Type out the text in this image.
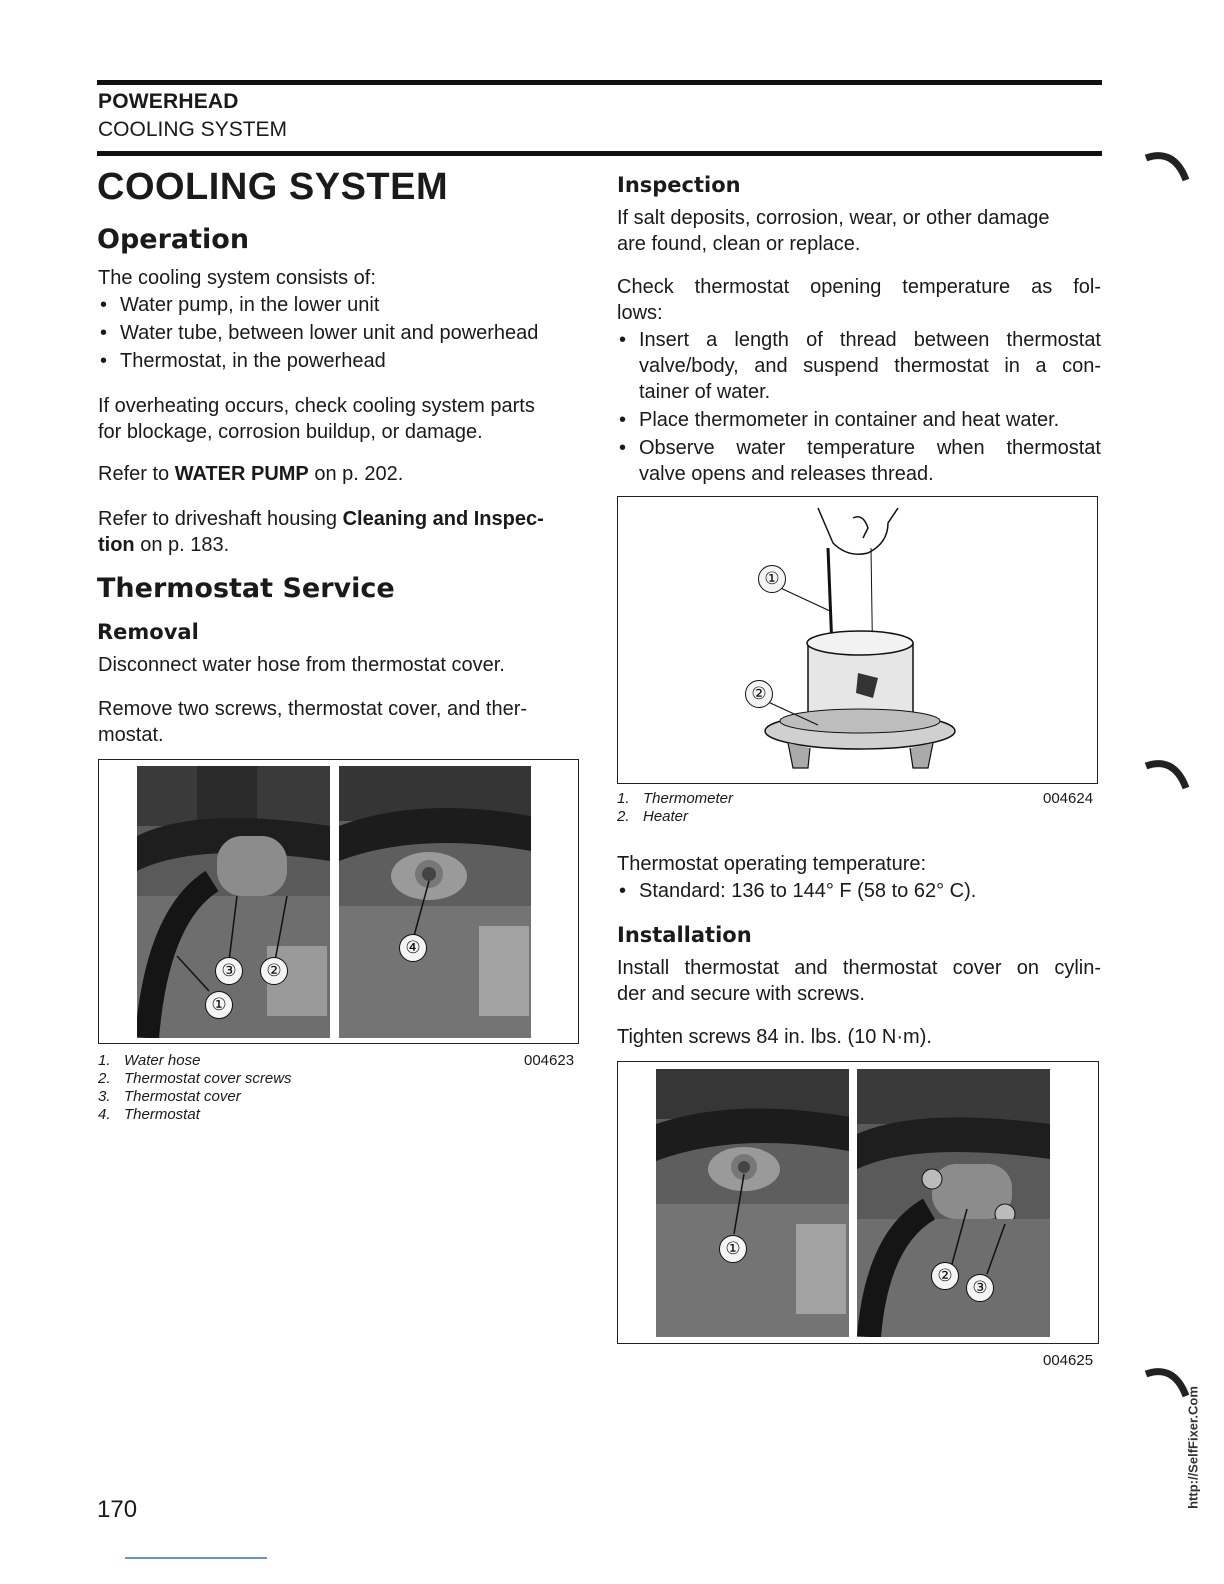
POWERHEAD
COOLING SYSTEM
COOLING SYSTEM
Operation
The cooling system consists of:
• Water pump, in the lower unit
• Water tube, between lower unit and powerhead
• Thermostat, in the powerhead
If overheating occurs, check cooling system parts
for blockage, corrosion buildup, or damage.
Refer to WATER PUMP on p. 202.
Refer to driveshaft housing Cleaning and Inspec-
tion on p. 183.
Thermostat Service
Removal
Disconnect water hose from thermostat cover.
Remove two screws, thermostat cover, and ther-
mostat.
③	②
①
④
1. Water hose
2. Thermostat cover screws
3. Thermostat cover
4. Thermostat
004623
170
Inspection
If salt deposits, corrosion, wear, or other damage
are found, clean or replace.
Check thermostat opening temperature as fol-
lows:
• Insert a length of thread between thermostat
valve/body, and suspend thermostat in a con-
tainer of water.
• Place thermometer in container and heat water.
• Observe water temperature when thermostat
valve opens and releases thread.
①
②
1. Thermometer
2. Heater
004624
Thermostat operating temperature:
• Standard: 136 to 144° F (58 to 62° C).
Installation
Install thermostat and thermostat cover on cylin-
der and secure with screws.
Tighten screws 84 in. lbs. (10 N·m).
①
②
③
004625
http://SelfFixer.Com
